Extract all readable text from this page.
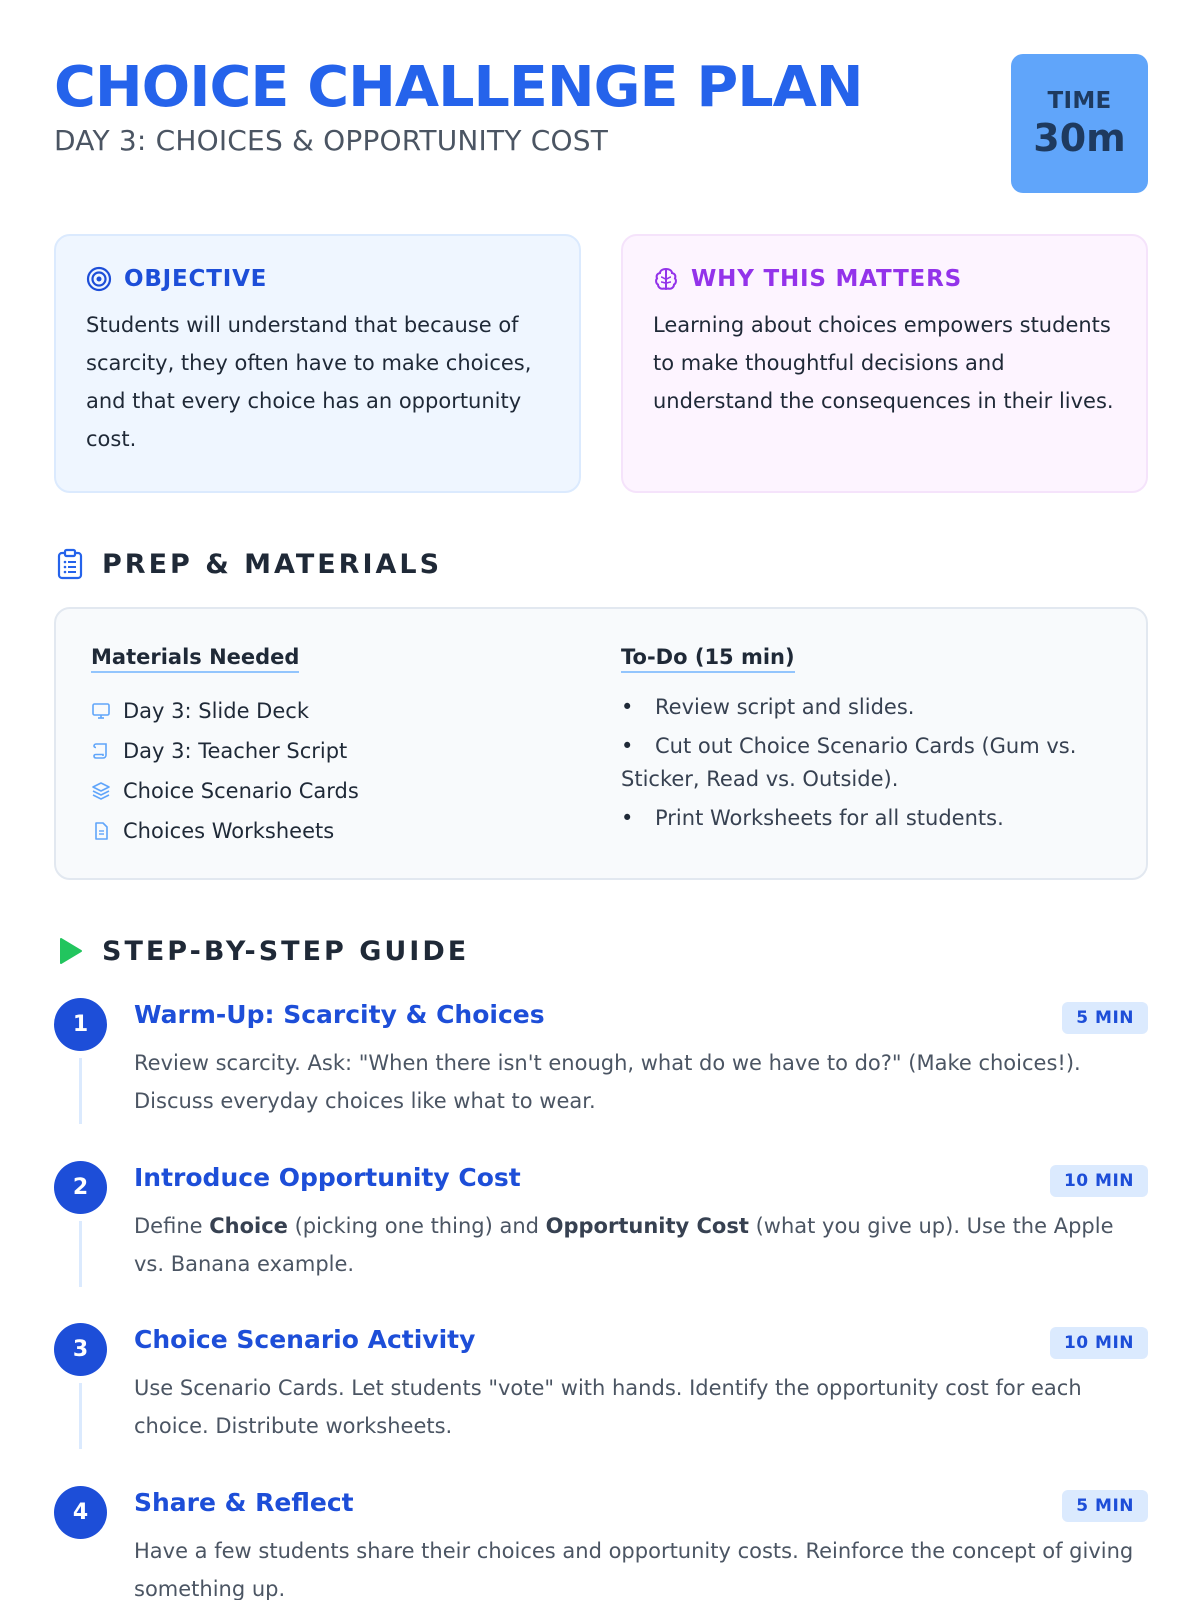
CHOICE CHALLENGE PLAN
DAY 3: CHOICES & OPPORTUNITY COST
TIME
30m
OBJECTIVE
Students will understand that because of scarcity, they often have to make choices, and that every choice has an opportunity cost.
WHY THIS MATTERS
Learning about choices empowers students to make thoughtful decisions and understand the consequences in their lives.
PREP & MATERIALS
Materials Needed
Day 3: Slide Deck
Day 3: Teacher Script
Choice Scenario Cards
Choices Worksheets
To-Do (15 min)
• Review script and slides.
• Cut out Choice Scenario Cards (Gum vs. Sticker, Read vs. Outside).
• Print Worksheets for all students.
STEP-BY-STEP GUIDE
1	Warm-Up: Scarcity & Choices	5 MIN
Review scarcity. Ask: "When there isn't enough, what do we have to do?" (Make choices!). Discuss everyday choices like what to wear.
2	Introduce Opportunity Cost	10 MIN
Define Choice (picking one thing) and Opportunity Cost (what you give up). Use the Apple vs. Banana example.
3	Choice Scenario Activity	10 MIN
Use Scenario Cards. Let students "vote" with hands. Identify the opportunity cost for each choice. Distribute worksheets.
4	Share & Reflect	5 MIN
Have a few students share their choices and opportunity costs. Reinforce the concept of giving something up.
